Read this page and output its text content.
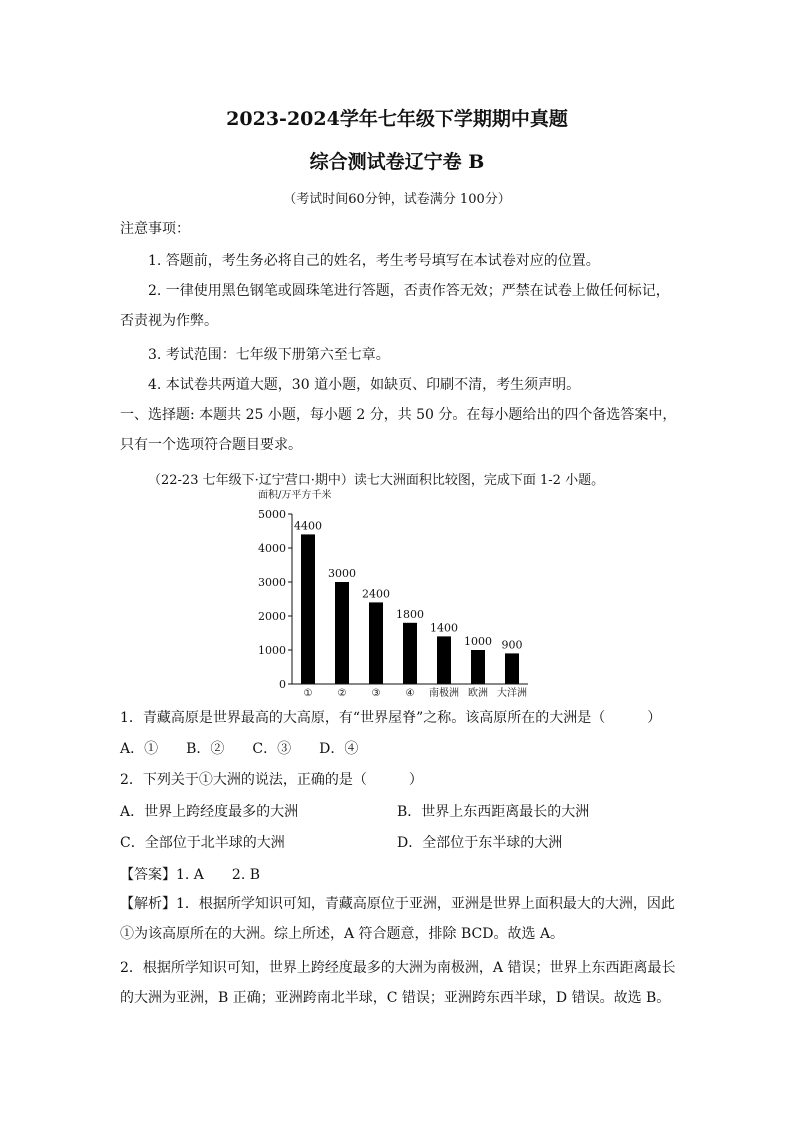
2023-2024学年七年级下学期期中真题
综合测试卷辽宁卷 B
（考试时间60分钟，试卷满分 100分）
注意事项：
1. 答题前，考生务必将自己的姓名，考生考号填写在本试卷对应的位置。
2. 一律使用黑色钢笔或圆珠笔进行答题，否责作答无效；严禁在试卷上做任何标记，否责视为作弊。
3. 考试范围：七年级下册第六至七章。
4. 本试卷共两道大题，30 道小题，如缺页、印刷不清，考生须声明。
一、选择题: 本题共 25 小题，每小题 2 分，共 50 分。在每小题给出的四个备选答案中，只有一个选项符合题目要求。
（22-23 七年级下·辽宁营口·期中）读七大洲面积比较图，完成下面 1-2 小题。
面积/万平方千米
5000
4000
3000
2000
1000
0
4400
3000
2400
1800
1400
1000 900
①	②	③	④ 南极洲 欧洲 大洋洲
1．青藏高原是世界最高的大高原，有“世界屋脊”之称。该高原所在的大洲是（　　　）
A．①　　B．②　　C．③　　D．④
2．下列关于①大洲的说法，正确的是（　　　）
A．世界上跨经度最多的大洲	B．世界上东西距离最长的大洲
C．全部位于北半球的大洲	D．全部位于东半球的大洲
【答案】1. A　　2. B
【解析】1．根据所学知识可知，青藏高原位于亚洲，亚洲是世界上面积最大的大洲，因此①为该高原所在的大洲。综上所述，A 符合题意，排除 BCD。故选 A。
2．根据所学知识可知，世界上跨经度最多的大洲为南极洲，A 错误；世界上东西距离最长的大洲为亚洲，B 正确；亚洲跨南北半球，C 错误；亚洲跨东西半球，D 错误。故选 B。
